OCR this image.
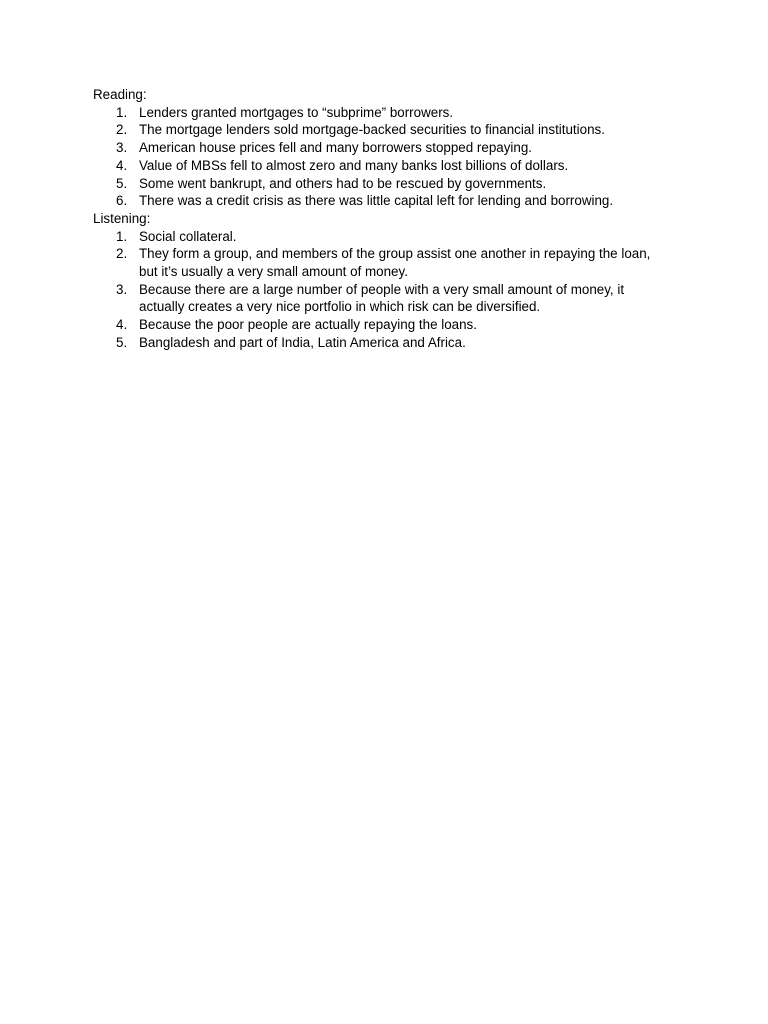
Reading:

1. Lenders granted mortgages to “subprime” borrowers.
2. The mortgage lenders sold mortgage-backed securities to financial institutions.
3. American house prices fell and many borrowers stopped repaying.
4. Value of MBSs fell to almost zero and many banks lost billions of dollars.
5. Some went bankrupt, and others had to be rescued by governments.
6. There was a credit crisis as there was little capital left for lending and borrowing.

Listening:

1. Social collateral.
2. They form a group, and members of the group assist one another in repaying the loan, but it’s usually a very small amount of money.
3. Because there are a large number of people with a very small amount of money, it actually creates a very nice portfolio in which risk can be diversified.
4. Because the poor people are actually repaying the loans.
5. Bangladesh and part of India, Latin America and Africa.
